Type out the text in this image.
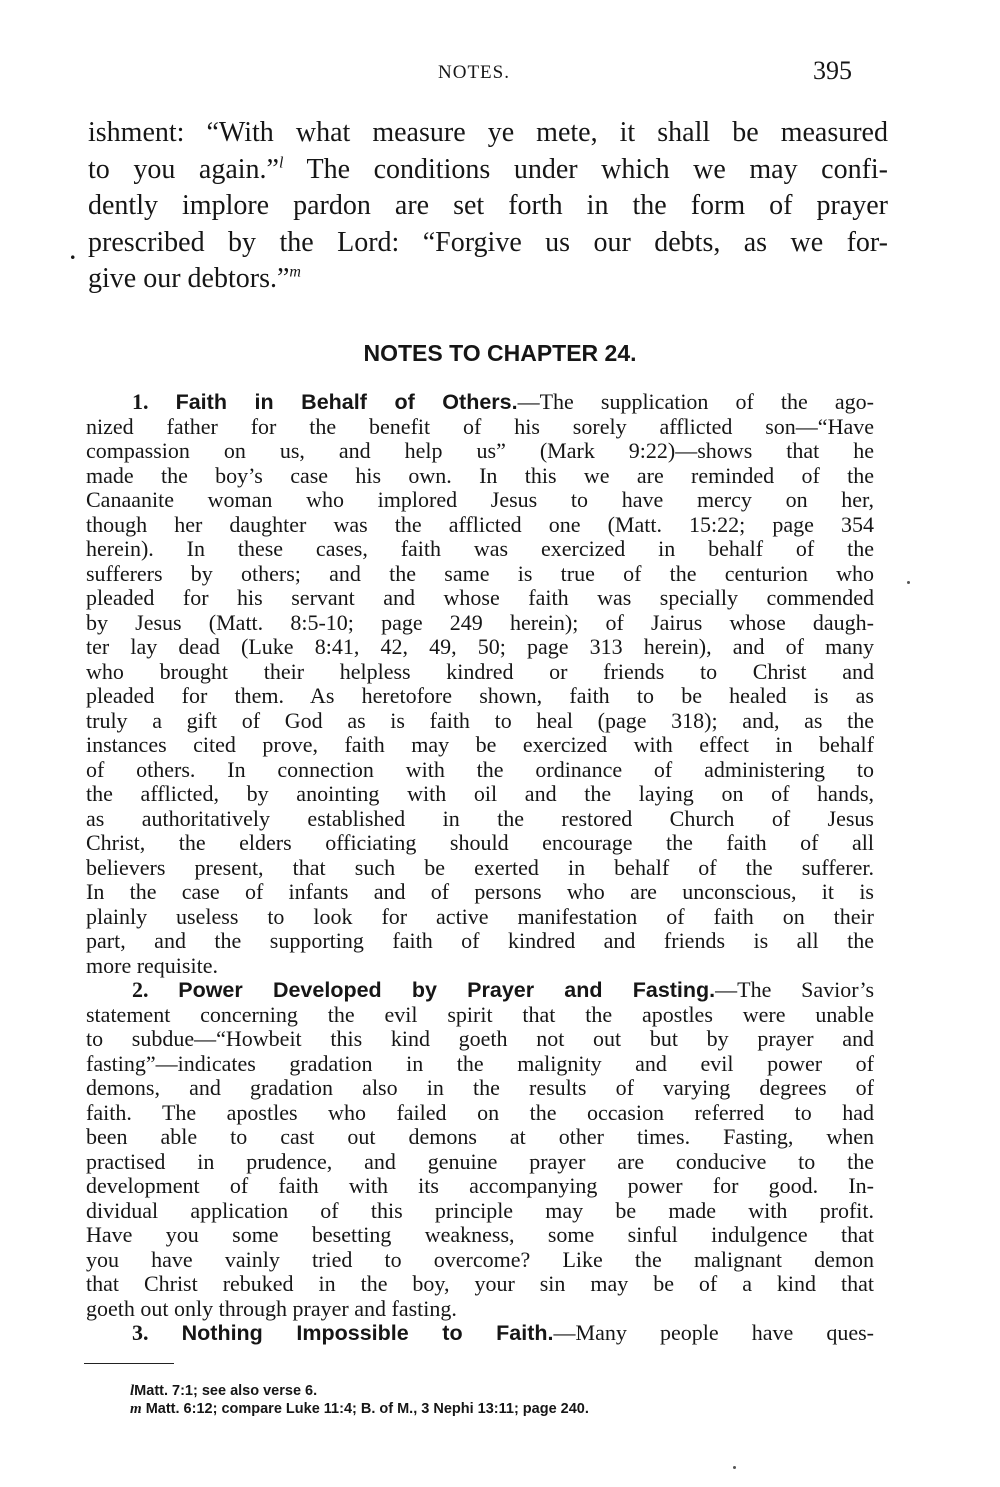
NOTES.	395
.
ishment: “With what measure ye mete, it shall be measured
to you again.”$^l$ The conditions under which we may confi-
dently implore pardon are set forth in the form of prayer
prescribed by the Lord: “Forgive us our debts, as we for-
give our debtors.”$^m$
NOTES TO CHAPTER 24.
1. Faith in Behalf of Others.—The supplication of the ago-
nized father for the benefit of his sorely afflicted son—“Have
compassion on us, and help us” (Mark 9:22)—shows that he
made the boy’s case his own. In this we are reminded of the
Canaanite woman who implored Jesus to have mercy on her,
though her daughter was the afflicted one (Matt. 15:22; page 354
herein). In these cases, faith was exercized in behalf of the
sufferers by others; and the same is true of the centurion who
pleaded for his servant and whose faith was specially commended
by Jesus (Matt. 8:5-10; page 249 herein); of Jairus whose daugh-
ter lay dead (Luke 8:41, 42, 49, 50; page 313 herein), and of many
who brought their helpless kindred or friends to Christ and
pleaded for them. As heretofore shown, faith to be healed is as
truly a gift of God as is faith to heal (page 318); and, as the
instances cited prove, faith may be exercized with effect in behalf
of others. In connection with the ordinance of administering to
the afflicted, by anointing with oil and the laying on of hands,
as authoritatively established in the restored Church of Jesus
Christ, the elders officiating should encourage the faith of all
believers present, that such be exerted in behalf of the sufferer.
In the case of infants and of persons who are unconscious, it is
plainly useless to look for active manifestation of faith on their
part, and the supporting faith of kindred and friends is all the
more requisite.
2. Power Developed by Prayer and Fasting.—The Savior’s
statement concerning the evil spirit that the apostles were unable
to subdue—“Howbeit this kind goeth not out but by prayer and
fasting”—indicates gradation in the malignity and evil power of
demons, and gradation also in the results of varying degrees of
faith. The apostles who failed on the occasion referred to had
been able to cast out demons at other times. Fasting, when
practised in prudence, and genuine prayer are conducive to the
development of faith with its accompanying power for good. In-
dividual application of this principle may be made with profit.
Have you some besetting weakness, some sinful indulgence that
you have vainly tried to overcome? Like the malignant demon
that Christ rebuked in the boy, your sin may be of a kind that
goeth out only through prayer and fasting.
3. Nothing Impossible to Faith.—Many people have ques-
lMatt. 7:1; see also verse 6.
m Matt. 6:12; compare Luke 11:4; B. of M., 3 Nephi 13:11; page 240.
